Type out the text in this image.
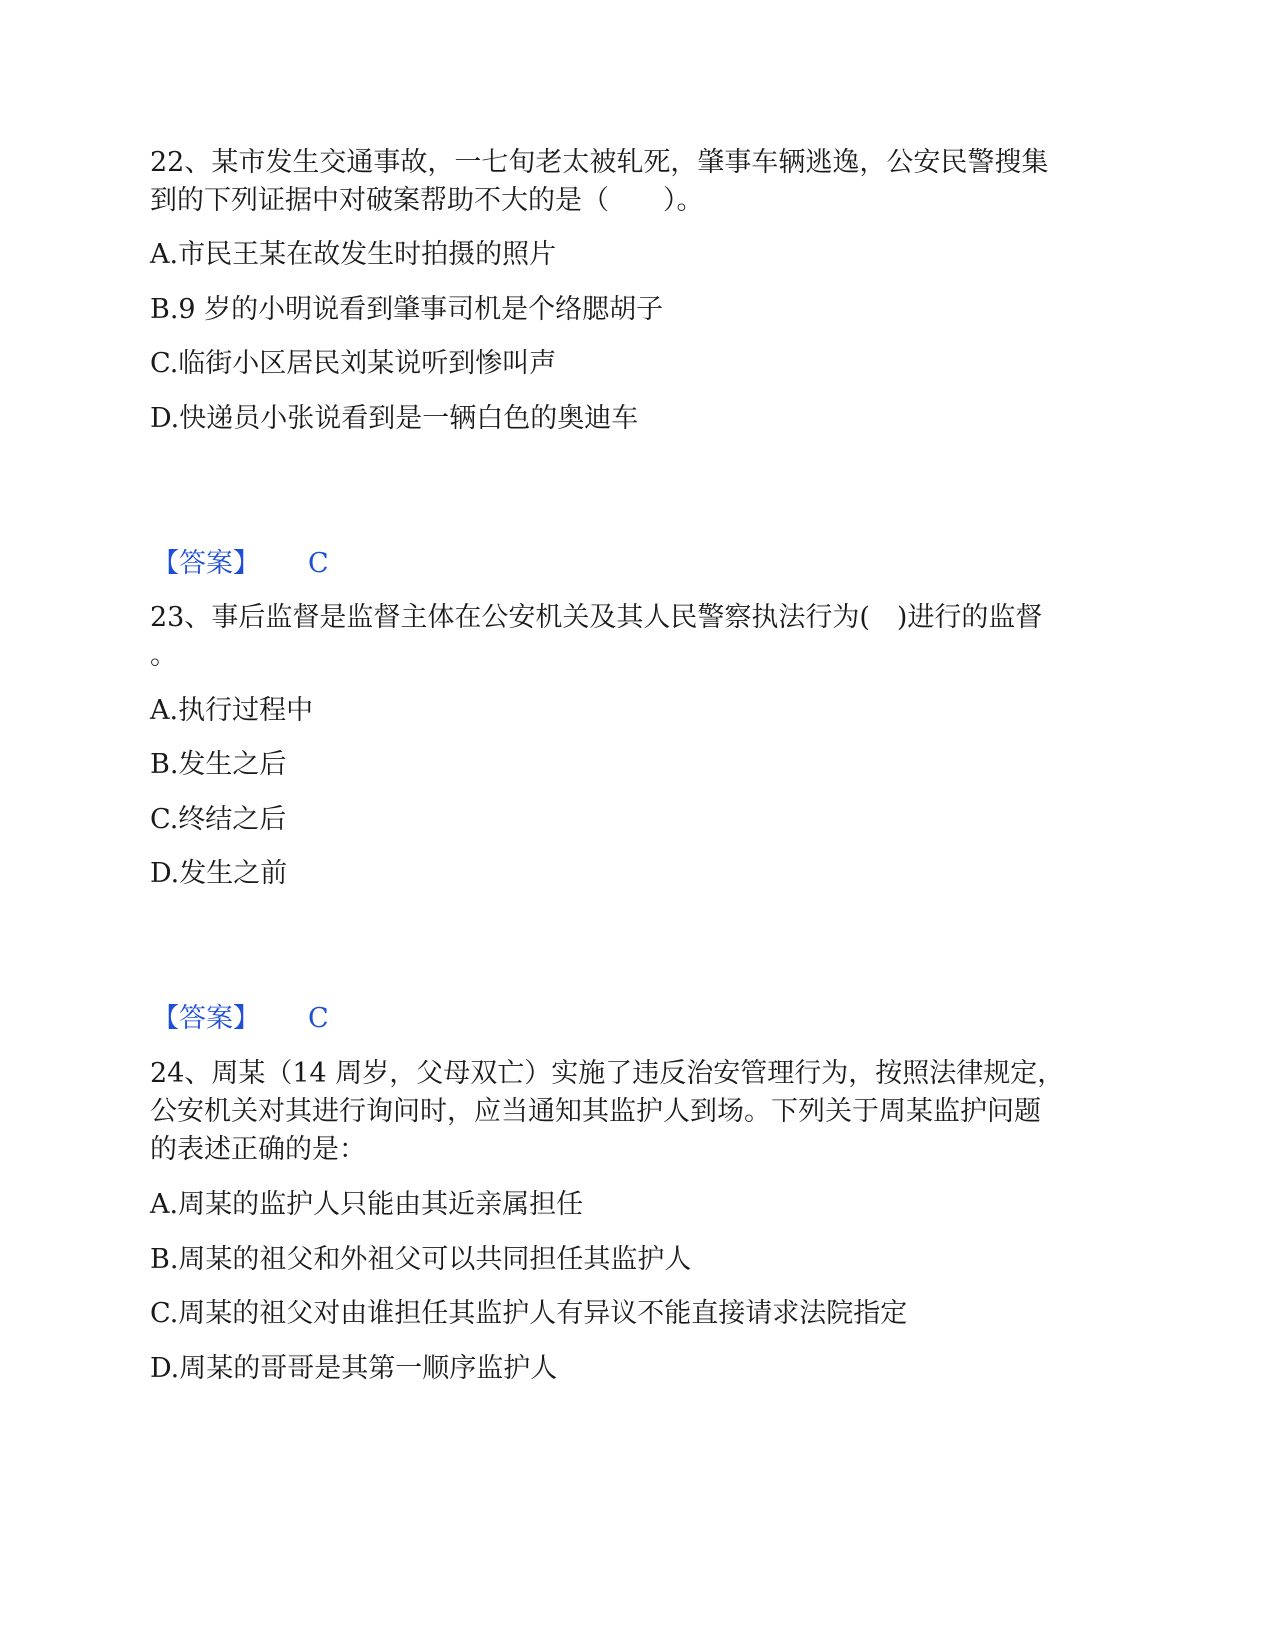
22、某市发生交通事故，一七旬老太被轧死，肇事车辆逃逸，公安民警搜集
到的下列证据中对破案帮助不大的是（　　）。
A.市民王某在故发生时拍摄的照片
B.9 岁的小明说看到肇事司机是个络腮胡子
C.临街小区居民刘某说听到惨叫声
D.快递员小张说看到是一辆白色的奥迪车
【答案】 C
23、事后监督是监督主体在公安机关及其人民警察执法行为(　)进行的监督
。
A.执行过程中
B.发生之后
C.终结之后
D.发生之前
【答案】 C
24、周某（14 周岁，父母双亡）实施了违反治安管理行为，按照法律规定，
公安机关对其进行询问时，应当通知其监护人到场。下列关于周某监护问题
的表述正确的是：
A.周某的监护人只能由其近亲属担任
B.周某的祖父和外祖父可以共同担任其监护人
C.周某的祖父对由谁担任其监护人有异议不能直接请求法院指定
D.周某的哥哥是其第一顺序监护人
